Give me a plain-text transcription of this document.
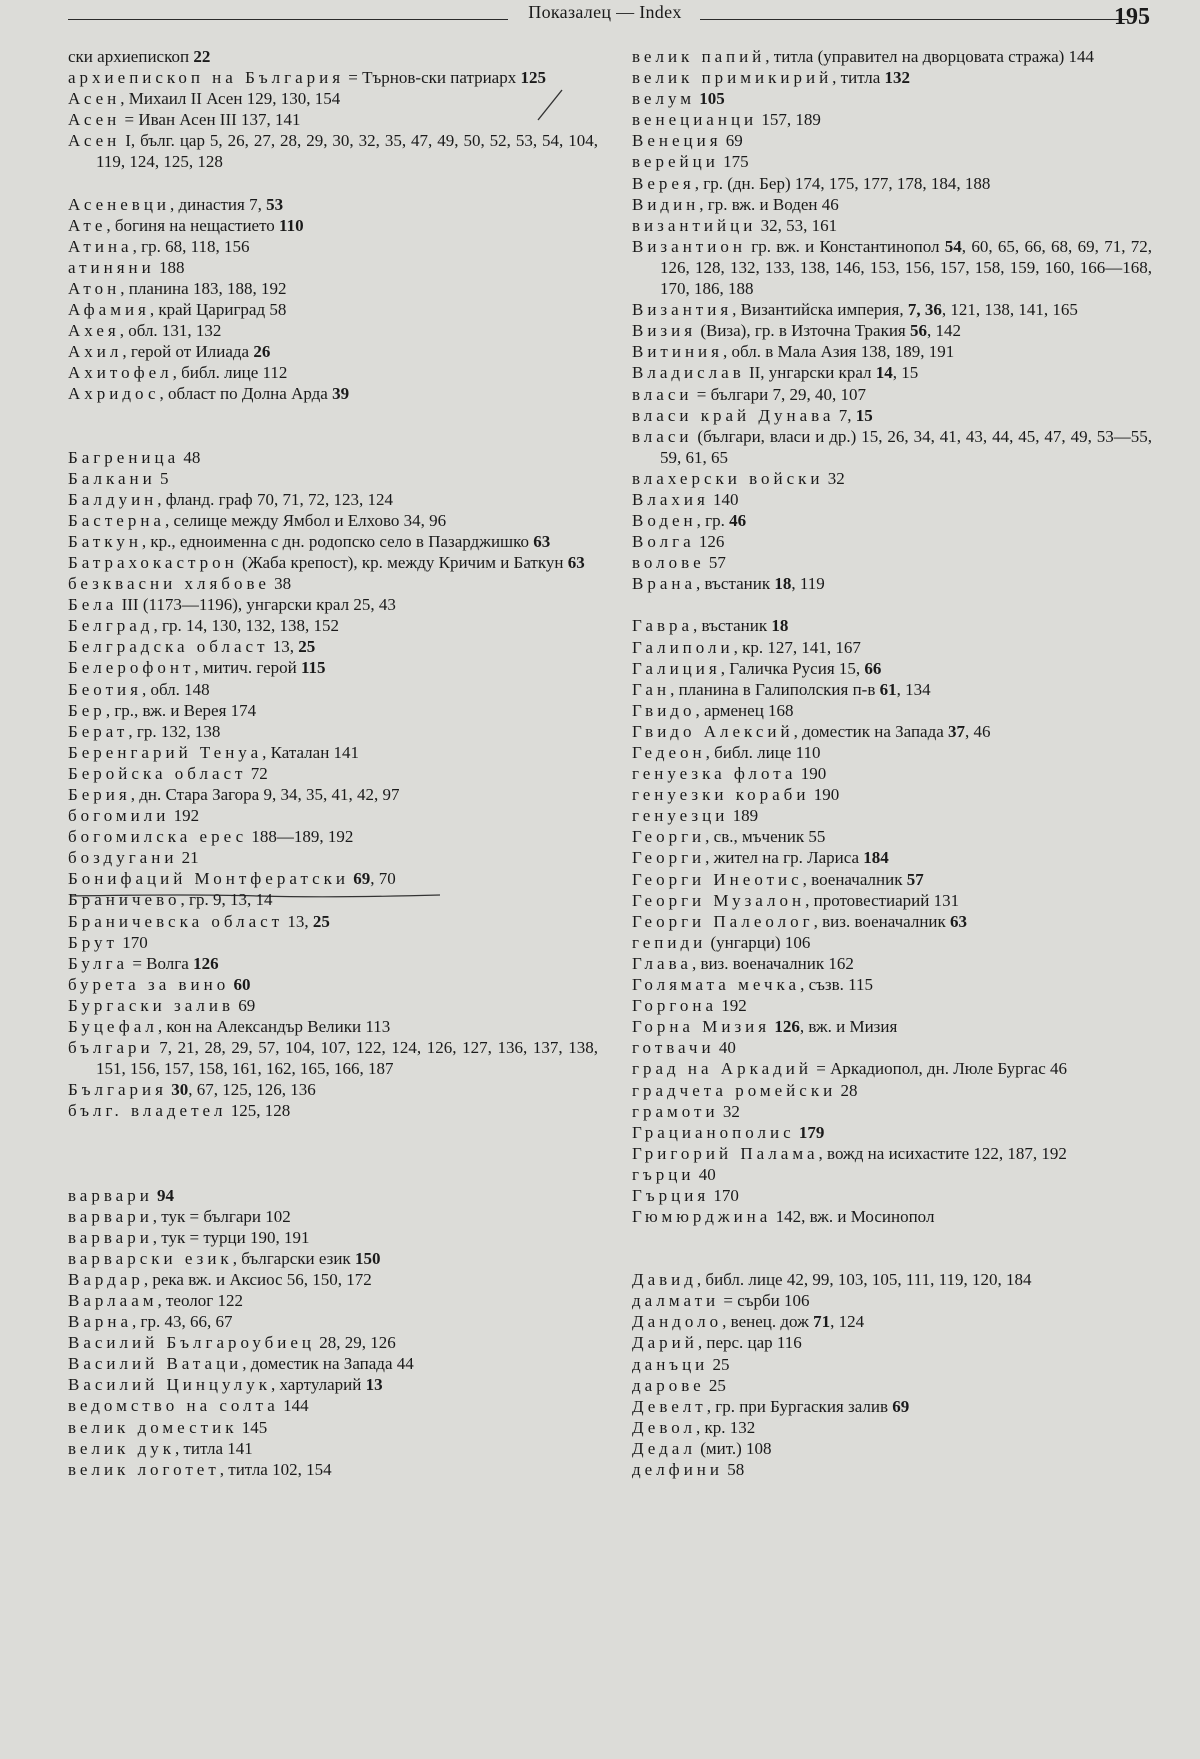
Показалец — Index	195
ски архиепископ 22
архиепископ на България = Търнов-ски патриарх 125
Асен, Михаил II Асен 129, 130, 154
Асен = Иван Асен III 137, 141
Асен I, бълг. цар 5, 26, 27, 28, 29, 30, 32, 35, 47, 49, 50, 52, 53, 54, 104, 119, 124, 125, 128
Асеневци, династия 7, 53
Ате, богиня на нещастието 110
Атина, гр. 68, 118, 156
атиняни 188
Атон, планина 183, 188, 192
Афамия, край Цариград 58
Ахея, обл. 131, 132
Ахил, герой от Илиада 26
Ахитофел, библ. лице 112
Ахридос, област по Долна Арда 39
Багреница 48
Балкани 5
Балдуин, фланд. граф 70, 71, 72, 123, 124
Бастерна, селище между Ямбол и Елхово 34, 96
Баткун, кр., едноименна с дн. родопско село в Пазарджишко 63
Батрахокастрон (Жаба крепост), кр. между Кричим и Баткун 63
безквасни хлябове 38
Бела III (1173—1196), унгарски крал 25, 43
Белград, гр. 14, 130, 132, 138, 152
Белградска област 13, 25
Белерофонт, митич. герой 115
Беотия, обл. 148
Бер, гр., вж. и Верея 174
Берат, гр. 132, 138
Беренгарий Тенуа, Каталан 141
Беройска област 72
Берия, дн. Стара Загора 9, 34, 35, 41, 42, 97
богомили 192
богомилска ерес 188—189, 192
боздугани 21
Бонифаций Монтфератски 69, 70
Браничево, гр. 9, 13, 14
Браничевска област 13, 25
Брут 170
Булга = Волга 126
бурета за вино 60
Бургаски залив 69
Буцефал, кон на Александър Велики 113
българи 7, 21, 28, 29, 57, 104, 107, 122, 124, 126, 127, 136, 137, 138, 151, 156, 157, 158, 161, 162, 165, 166, 187
България 30, 67, 125, 126, 136
бълг. владетел 125, 128
варвари 94
варвари, тук = българи 102
варвари, тук = турци 190, 191
варварски език, български език 150
Вардар, река вж. и Аксиос 56, 150, 172
Варлаам, теолог 122
Варна, гр. 43, 66, 67
Василий Българоубиец 28, 29, 126
Василий Ватаци, доместик на Запада 44
Василий Цинцулук, хартуларий 13
ведомство на солта 144
велик доместик 145
велик дук, титла 141
велик логотет, титла 102, 154
велик папий, титла (управител на дворцовата стража) 144
велик примикирий, титла 132
велум 105
венецианци 157, 189
Венеция 69
верейци 175
Верея, гр. (дн. Бер) 174, 175, 177, 178, 184, 188
Видин, гр. вж. и Воден 46
византийци 32, 53, 161
Византион гр. вж. и Константинопол 54, 60, 65, 66, 68, 69, 71, 72, 126, 128, 132, 133, 138, 146, 153, 156, 157, 158, 159, 160, 166—168, 170, 186, 188
Византия, Византийска империя, 7, 36, 121, 138, 141, 165
Визия (Виза), гр. в Източна Тракия 56, 142
Витиния, обл. в Мала Азия 138, 189, 191
Владислав II, унгарски крал 14, 15
власи = българи 7, 29, 40, 107
власи край Дунава 7, 15
власи (българи, власи и др.) 15, 26, 34, 41, 43, 44, 45, 47, 49, 53—55, 59, 61, 65
влахерски войски 32
Влахия 140
Воден, гр. 46
Волга 126
волове 57
Врана, въстаник 18, 119
Гавра, въстаник 18
Галиполи, кр. 127, 141, 167
Галиция, Галичка Русия 15, 66
Ган, планина в Галиполския п-в 61, 134
Гвидо, арменец 168
Гвидо Алексий, доместик на Запада 37, 46
Гедеон, библ. лице 110
генуезка флота 190
генуезки кораби 190
генуезци 189
Георги, св., мъченик 55
Георги, жител на гр. Лариса 184
Георги Инеотис, военачалник 57
Георги Музалон, протовестиарий 131
Георги Палеолог, виз. военачалник 63
гепиди (унгарци) 106
Глава, виз. военачалник 162
Голямата мечка, съзв. 115
Горгона 192
Горна Мизия 126, вж. и Мизия
готвачи 40
град на Аркадий = Аркадиопол, дн. Люле Бургас 46
градчета ромейски 28
грамоти 32
Грацианополис 179
Григорий Палама, вожд на исихастите 122, 187, 192
гърци 40
Гърция 170
Гюмюрджина 142, вж. и Мосинопол
Давид, библ. лице 42, 99, 103, 105, 111, 119, 120, 184
далмати = сърби 106
Дандоло, венец. дож 71, 124
Дарий, перс. цар 116
данъци 25
дарове 25
Девелт, гр. при Бургаския залив 69
Девол, кр. 132
Дедал (мит.) 108
делфини 58
